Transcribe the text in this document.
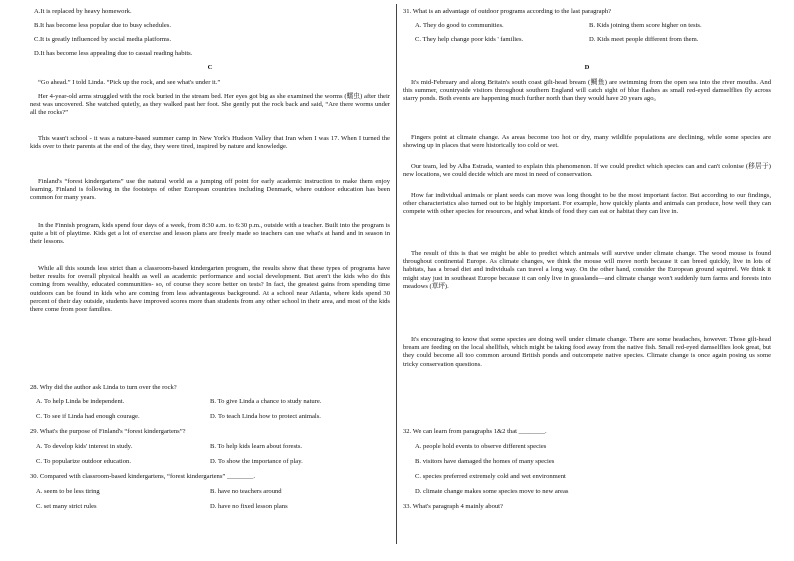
A.It is replaced by heavy homework.
B.It has become less popular due to busy schedules.
C.It is greatly influenced by social media platforms.
D.It has become less appealing due to casual reading habits.
C
“Go ahead.” I told Linda. “Pick up the rock, and see what's under it.”
Her 4-year-old arms struggled with the rock buried in the stream bed. Her eyes got big as she examined the worms (蠕虫) after their nest was uncovered. She watched quietly, as they walked past her foot. She gently put the rock back and said, “Are there worms under all the rocks?”
This wasn't school - it was a nature-based summer camp in New York's Hudson Valley that Iran when I was 17. When I turned the kids over to their parents at the end of the day, they were tired, inspired by nature and knowledge.
Finland's “forest kindergartens” use the natural world as a jumping off point for early academic instruction to make them enjoy learning. Finland is following in the footsteps of other European countries including Denmark, where outdoor education has been common for many years.
In the Finnish program, kids spend four days of a week, from 8:30 a.m. to 6:30 p.m., outside with a teacher. Built into the program is quite a bit of playtime. Kids get a lot of exercise and lesson plans are freely made so teachers can use what's at hand and in season in their lessons.
While all this sounds less strict than a classroom-based kindergarten program, the results show that these types of programs have better results for overall physical health as well as academic performance and social development. But aren't the kids who do this coming from wealthy, educated communities- so, of course they score better on tests? In fact, the greatest gains from spending time outdoors can be found in kids who are coming from less advantageous background. At a school near Atlanta, where kids spend 30 percent of their day outside, students have improved scores more than students from any other school in their area, and most of the kids there come from poor families.
28. Why did the author ask Linda to turn over the rock?
A. To help Linda be independent.	B. To give Linda a chance to study nature.
C. To see if Linda had enough courage.	D. To teach Linda how to protect animals.
29. What's the purpose of Finland's “forest kindergartens”?
A. To develop kids' interest in study.	B. To help kids learn about forests.
C. To popularize outdoor education.	D. To show the importance of play.
30. Compared with classroom-based kindergartens, “forest kindergartens” ________.
A. seem to be less tiring	B. have no teachers around
C. set many strict rules	D. have no fixed lesson plans
31. What is an advantage of outdoor programs according to the last paragraph?
A. They do good to communities.	B. Kids joining them score higher on tests.
C. They help change poor kids ' families.	D. Kids meet people different from them.
D
It's mid-February and along Britain's south coast gilt-head bream (鲷鱼) are swimming from the open sea into the river mouths. And this summer, countryside visitors throughout southern England will catch sight of blue flashes as small red-eyed damselflies fly across starry ponds. Both events are happening much further north than they would have 20 years ago。
Fingers point at climate change. As areas become too hot or dry, many wildlife populations are declining, while some species are showing up in places that were historically too cold or wet.
Our team, led by Alba Estrada, wanted to explain this phenomenon. If we could predict which species can and can't colonise (移居于) new locations, we could decide which are most in need of conservation.
How far individual animals or plant seeds can move was long thought to be the most important factor. But according to our findings, other characteristics also turned out to be highly important. For example, how quickly plants and animals can produce, how well they can compete with other species for resources, and what kinds of food they can eat or habitat they can live in.
The result of this is that we might be able to predict which animals will survive under climate change. The wood mouse is found throughout continental Europe. As climate changes, we think the mouse will move north because it can breed quickly, live in lots of habitats, has a broad diet and individuals can travel a long way. On the other hand, consider the European ground squirrel. We think it might stay just in southeast Europe because it can only live in grasslands—and climate change won't suddenly turn farms and forests into meadows (草坪).
It's encouraging to know that some species are doing well under climate change. There are some headaches, however. Those gilt-head bream are feeding on the local shellfish, which might be taking food away from the native fish. Small red-eyed damselflies look great, but they could become all too common around British ponds and outcompete native species. Climate change is once again posing us some tricky conservation questions.
32. We can learn from paragraphs 1&2 that ________.
A. people hold events to observe different species
B. visitors have damaged the homes of many species
C. species preferred extremely cold and wet environment
D. climate change makes some species move to new areas
33. What's paragraph 4 mainly about?
